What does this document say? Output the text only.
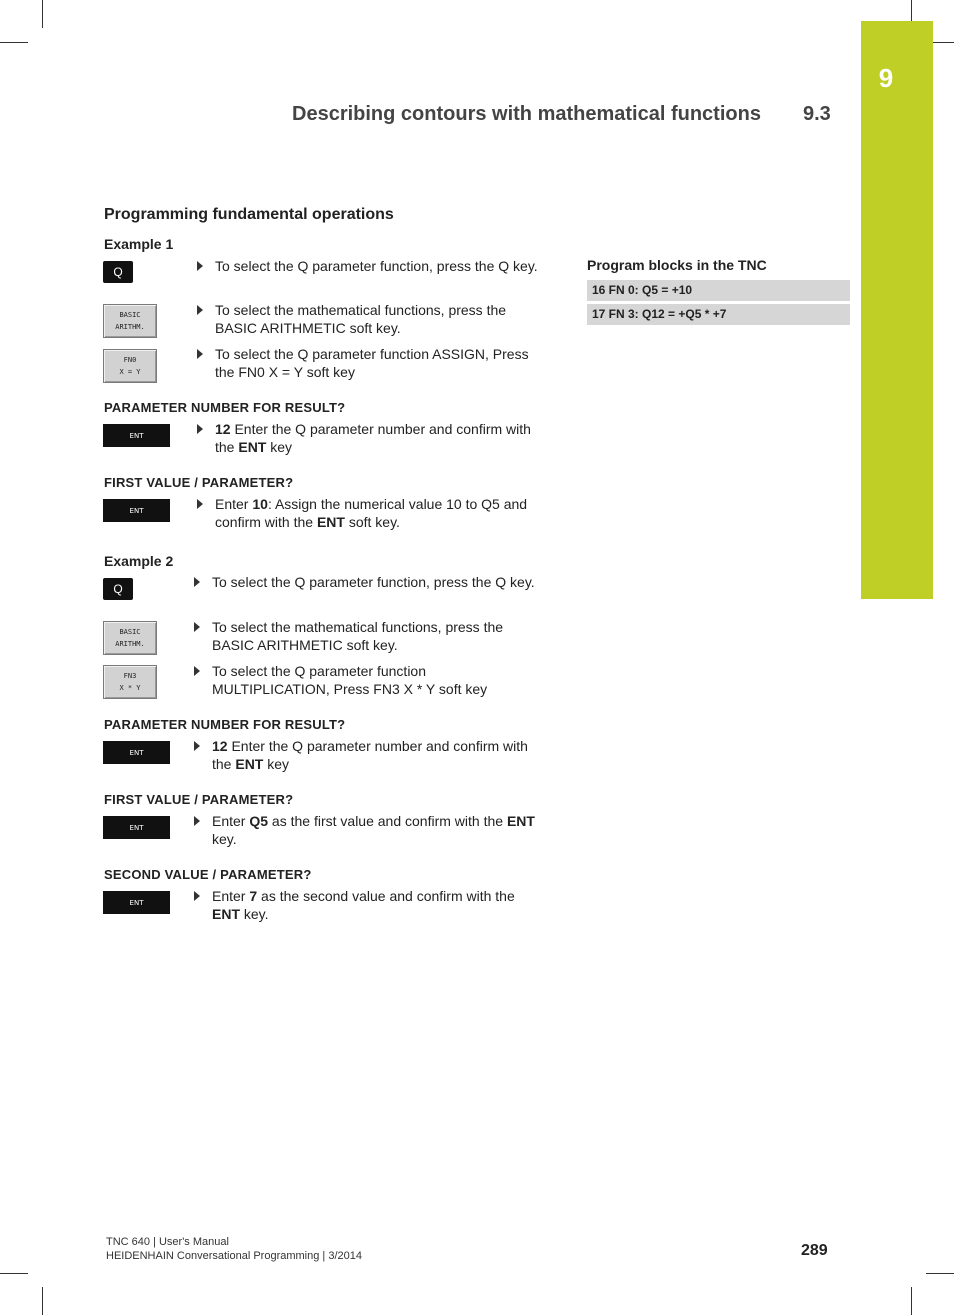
9
Describing contours with mathematical functions 9.3
Programming fundamental operations
Example 1
Q	To select the Q parameter function, press the Q key.
BASIC
ARITHM.
To select the mathematical functions, press the BASIC ARITHMETIC soft key.
FN0
X = Y
To select the Q parameter function ASSIGN, Press the FN0 X = Y soft key
PARAMETER NUMBER FOR RESULT?
ENT	12 Enter the Q parameter number and confirm with the ENT key
FIRST VALUE / PARAMETER?
ENT	Enter 10: Assign the numerical value 10 to Q5 and confirm with the ENT soft key.
Example 2
Q	To select the Q parameter function, press the Q key.
BASIC
ARITHM.
To select the mathematical functions, press the BASIC ARITHMETIC soft key.
FN3
X * Y
To select the Q parameter function MULTIPLICATION, Press FN3 X * Y soft key
PARAMETER NUMBER FOR RESULT?
ENT	12 Enter the Q parameter number and confirm with the ENT key
FIRST VALUE / PARAMETER?
ENT	Enter Q5 as the first value and confirm with the ENT key.
SECOND VALUE / PARAMETER?
ENT	Enter 7 as the second value and confirm with the ENT key.
Program blocks in the TNC
16 FN 0: Q5 = +10
17 FN 3: Q12 = +Q5 * +7
TNC 640 | User's Manual
HEIDENHAIN Conversational Programming | 3/2014	289
